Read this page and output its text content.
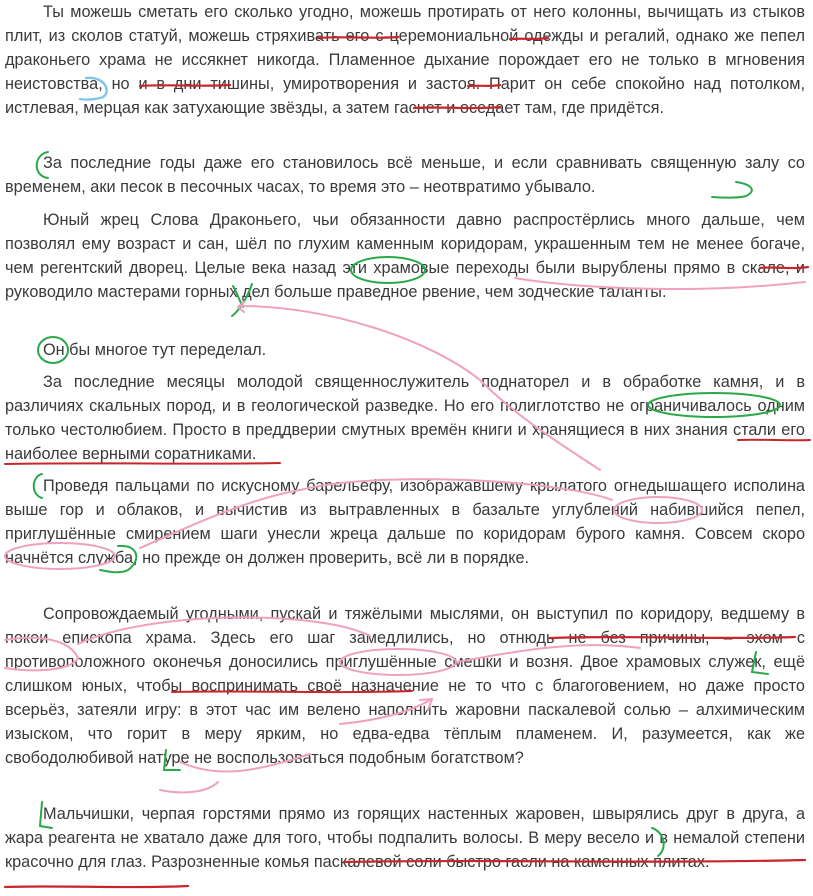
Ты можешь сметать его сколько угодно, можешь протирать от него колонны, вычищать из стыков плит, из сколов статуй, можешь стряхивать его с церемониальной одежды и регалий, однако же пепел драконьего храма не иссякнет никогда. Пламенное дыхание порождает его не только в мгновения неистовства, но и в дни тишины, умиротворения и застоя. Парит он себе спокойно над потолком, истлевая, мерцая как затухающие звёзды, а затем гаснет и оседает там, где придётся.

За последние годы даже его становилось всё меньше, и если сравнивать священную залу со временем, аки песок в песочных часах, то время это – неотвратимо убывало.

Юный жрец Слова Драконьего, чьи обязанности давно распростёрлись много дальше, чем позволял ему возраст и сан, шёл по глухим каменным коридорам, украшенным тем не менее богаче, чем регентский дворец. Целые века назад эти храмовые переходы были вырублены прямо в скале, и руководило мастерами горных дел больше праведное рвение, чем зодческие таланты.

Он бы многое тут переделал.

За последние месяцы молодой священнослужитель поднаторел и в обработке камня, и в различиях скальных пород, и в геологической разведке. Но его полиглотство не ограничивалось одним только честолюбием. Просто в преддверии смутных времён книги и хранящиеся в них знания стали его наиболее верными соратниками.

Проведя пальцами по искусному барельефу, изображавшему крылатого огнедышащего исполина выше гор и облаков, и вычистив из вытравленных в базальте углублений набившийся пепел, приглушённые смирением шаги унесли жреца дальше по коридорам бурого камня. Совсем скоро начнётся служба, но прежде он должен проверить, всё ли в порядке.

Сопровождаемый угодными, пускай и тяжёлыми мыслями, он выступил по коридору, ведшему в покои епископа храма. Здесь его шаг замедлились, но отнюдь не без причины, – эхом с противоположного оконечья доносились приглушённые смешки и возня. Двое храмовых служек, ещё слишком юных, чтобы воспринимать своё назначение не то что с благоговением, но даже просто всерьёз, затеяли игру: в этот час им велено наполнить жаровни паскалевой солью – алхимическим изыском, что горит в меру ярким, но едва-едва тёплым пламенем. И, разумеется, как же свободолюбивой натуре не воспользоваться подобным богатством?

Мальчишки, черпая горстями прямо из горящих настенных жаровен, швырялись друг в друга, а жара реагента не хватало даже для того, чтобы подпалить волосы. В меру весело и в немалой степени красочно для глаз. Разрозненные комья паскалевой соли быстро гасли на каменных плитах.
